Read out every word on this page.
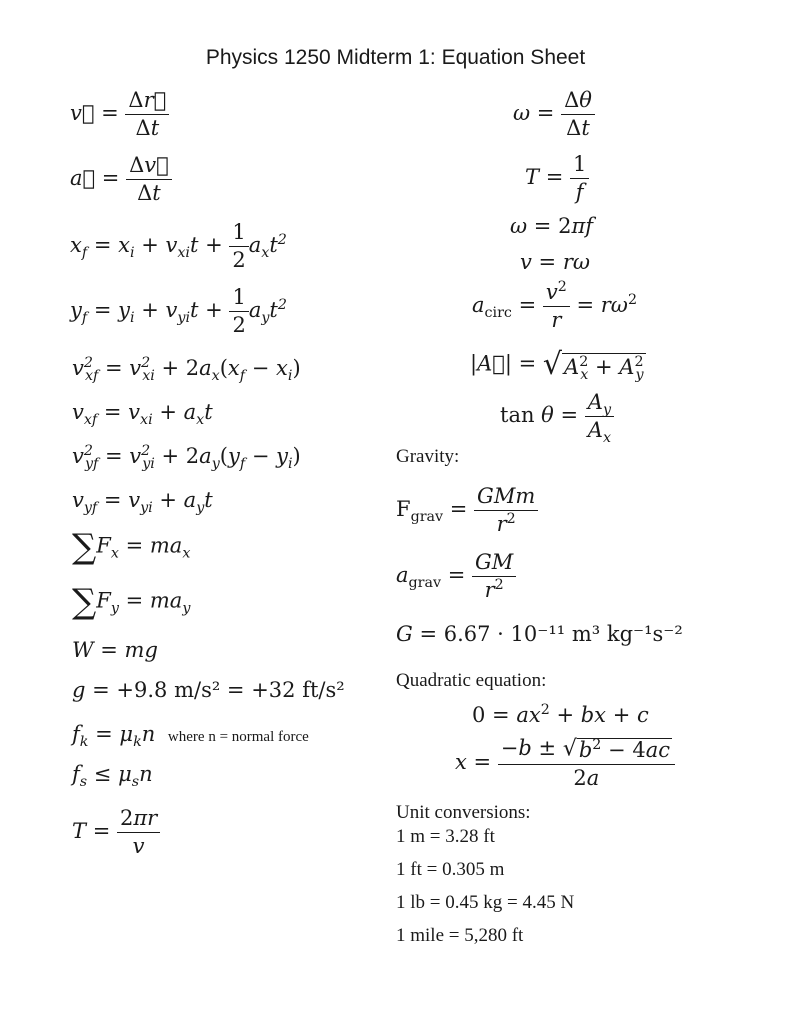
Physics 1250 Midterm 1: Equation Sheet
v⃗ = $\frac{\Delta r⃗}{\Delta t}$
a⃗ = $\frac{\Delta v⃗}{\Delta t}$
$x_f = x_i + v_{xi}t + \frac{1}{2} a_xt^2$
$y_f = y_i + v_{yi}t + \frac{1}{2} a_yt^2$
$v^2_{xf} = v^2_{xi} + 2a_x(x_f - x_i)$
$v_{xf} = v_{xi} + a_xt$
$v^2_{yf} = v^2_{yi} + 2a_y(y_f - y_i)$
$v_{yf} = v_{yi} + a_yt$
$\sum F_x = ma_x$
$\sum F_y = ma_y$
W = mg
g = +9.8 m/s² = +32 ft/s²
$f_k = \mu_kn$ where n = normal force
$f_s \le \mu_sn$
$T = \frac{2\pi r}{v}$
$\omega = \frac{\Delta\theta}{\Delta t}$
$T = \frac{1}{f}$
ω = 2πf
v = rω
$a_{circ} = \frac{v^2}{r} = r\omega^2$
|A⃗| = $√A^2_x + A^2_y$
$\tan \theta = \frac{A_y}{A_x}$
Gravity:
$F_{grav} = \frac{\text{GMm}}{r^2}$
$a_{grav} = \frac{GM}{r^2}$
G = 6.67 · 10⁻¹¹ m³ kg⁻¹s⁻²
Quadratic equation:
$0 = ax^2$ + bx + c
$x = \frac{-b \pm √b^2 - 4ac}{2a}$
Unit conversions:
1 m = 3.28 ft
1 ft = 0.305 m
1 lb = 0.45 kg = 4.45 N
1 mile = 5,280 ft
